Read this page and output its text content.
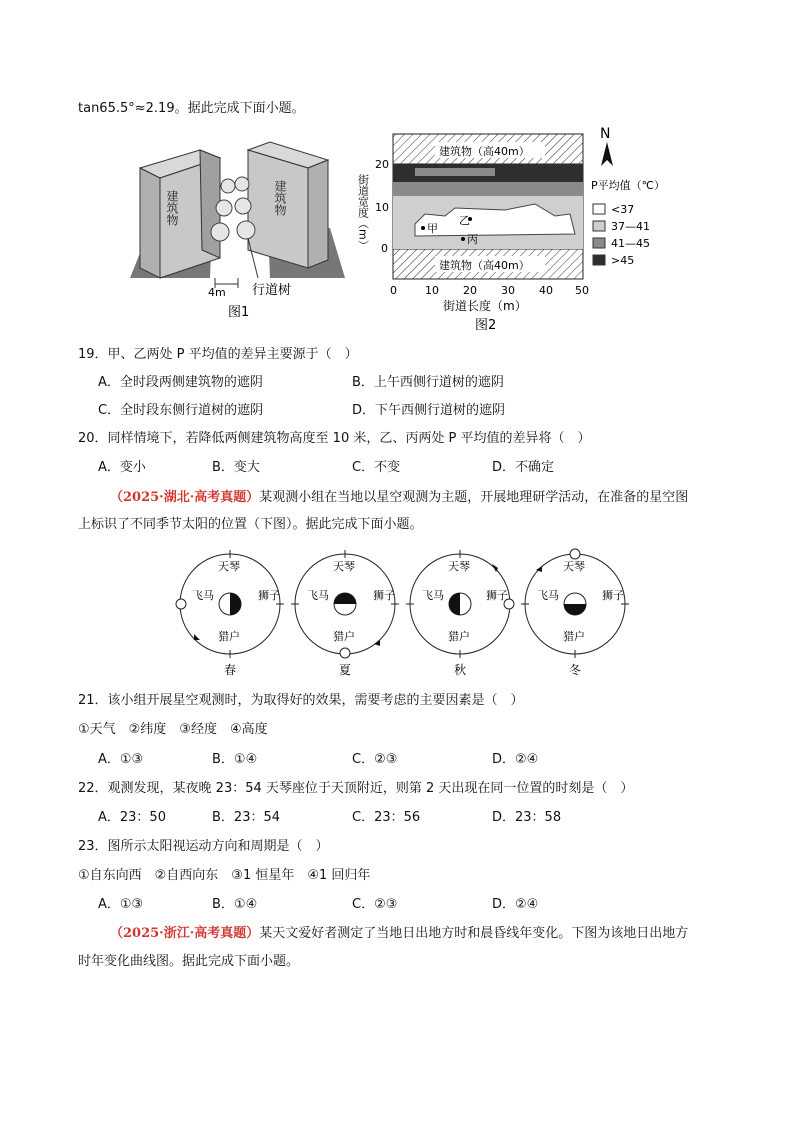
tan65.5°≈2.19。据此完成下面小题。
建筑物	建筑物
4m 行道树
图1
建筑物（高40m）
建筑物（高40m）
甲
乙
丙
20
10
0
街道宽度（m）
0	10 20 30 40 50
街道长度（m）
图2
N
P平均值（℃）
<37
37—41
41—45
>45
19．甲、乙两处 P 平均值的差异主要源于（　）
A．全时段两侧建筑物的遮阴	B．上午西侧行道树的遮阴
C．全时段东侧行道树的遮阴	D．下午西侧行道树的遮阴
20．同样情境下，若降低两侧建筑物高度至 10 米，乙、丙两处 P 平均值的差异将（　）
A．变小	B．变大	C．不变	D．不确定
（2025·湖北·高考真题）某观测小组在当地以星空观测为主题，开展地理研学活动，在准备的星空图
上标识了不同季节太阳的位置（下图）。据此完成下面小题。
天琴
飞马	狮子
猎户
春
天琴
飞马	狮子
猎户
夏
天琴
飞马	狮子
猎户
秋
天琴
飞马	狮子
猎户
冬
21．该小组开展星空观测时，为取得好的效果，需要考虑的主要因素是（　）
①天气　②纬度　③经度　④高度
A．①③	B．①④	C．②③	D．②④
22．观测发现，某夜晚 23：54 天琴座位于天顶附近，则第 2 天出现在同一位置的时刻是（　）
A．23：50	B．23：54	C．23：56	D．23：58
23．图所示太阳视运动方向和周期是（　）
①自东向西　②自西向东　③1 恒星年　④1 回归年
A．①③	B．①④	C．②③	D．②④
（2025·浙江·高考真题）某天文爱好者测定了当地日出地方时和晨昏线年变化。下图为该地日出地方
时年变化曲线图。据此完成下面小题。
